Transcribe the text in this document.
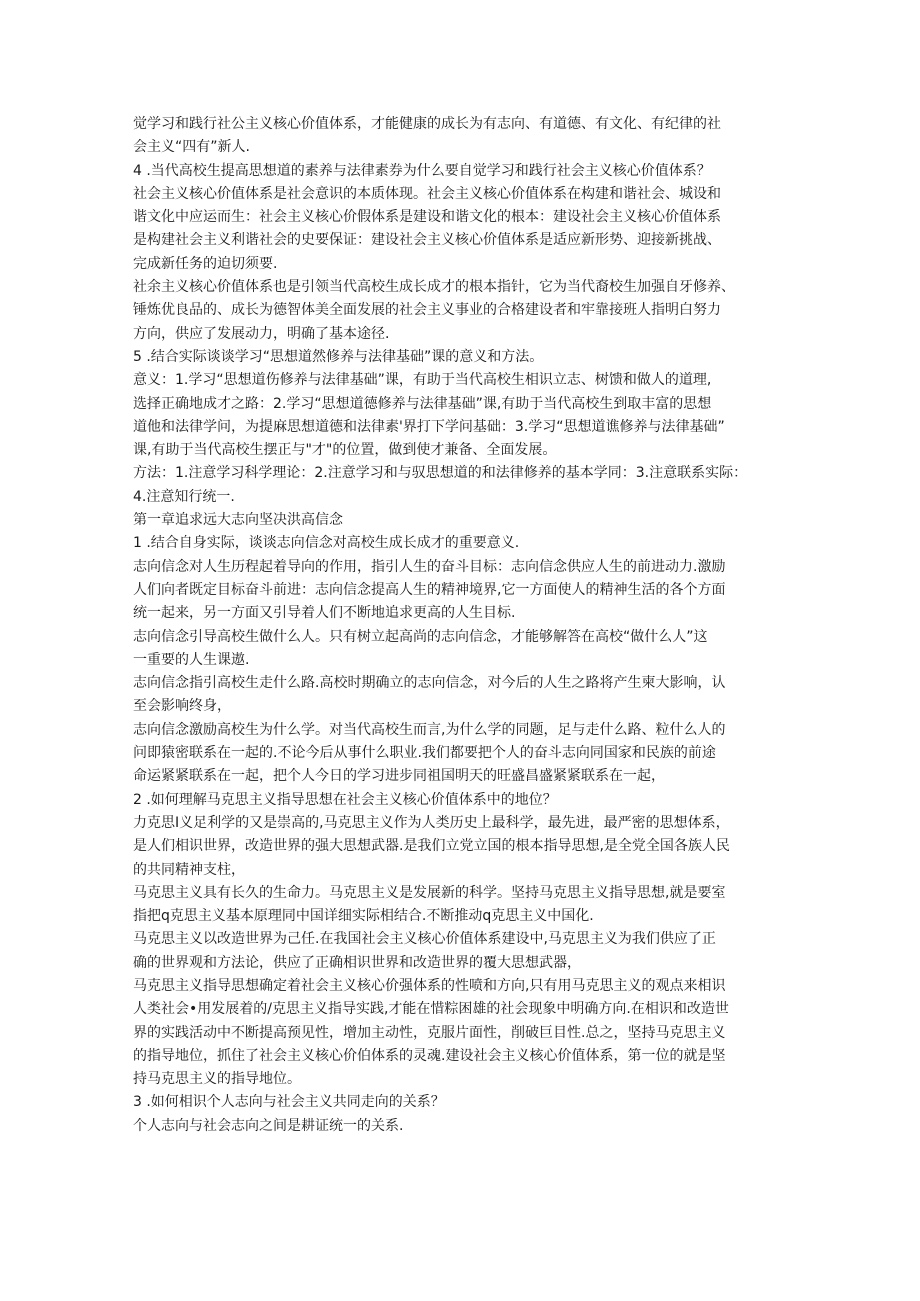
觉学习和践行社公主义核心价值体系，才能健康的成长为有志向、有道德、有文化、有纪律的社
会主义“四有”新人.
4 .当代高校生提高思想道的素养与法律素券为什么要自觉学习和践行社会主义核心价值体系？
社会主义核心价值体系是社会意识的本质体现。社会主义核心价值体系在构建和谐社会、城设和
谐文化中应运而生：社会主义核心价假体系是建设和谐文化的根本：建设社会主义核心价值体系
是构建社会主义利谐社会的史要保证：建设社会主义核心价值体系是适应新形势、迎接新挑战、
完成新任务的迫切须要.
社余主义核心价值体系也是引领当代高校生成长成才的根本指针，它为当代裔校生加强自牙修养、
锤炼优良品的、成长为德智体美全面发展的社会主义事业的合格建设者和牢靠接班人指明白努力
方向，供应了发展动力，明确了基本途径.
5 .结合实际谈谈学习“思想道然修养与法律基础”课的意义和方法。
意义：1.学习“思想道伤修养与法律基础”课，有助于当代高校生相识立志、树馈和做人的道理,
选择正确地成才之路：2.学习“思想道德修养与法律基础”课,有助于当代高校生到取丰富的思想
道他和法律学问，为提麻思想道德和法律素'界打下学问基础：3.学习“思想道谯修养与法律基础”
课,有助于当代高校生摆正与"才"的位置，做到使才兼备、全面发展。
方法：1.注意学习科学理论：2.注意学习和与驭思想道的和法律修养的基本学同：3.注意联系实际：
4.注意知行统一.
第一章追求远大志向坚决洪高信念
1 .结合自身实际，谈谈志向信念对高校生成长成才的重要意义.
志向信念对人生历程起着导向的作用，指引人生的奋斗目标：志向信念供应人生的前进动力.激励
人们向者既定目标奋斗前进：志向信念提高人生的精神境界,它一方面使人的精神生活的各个方面
统一起来，另一方面又引导着人们不断地追求更高的人生目标.
志向信念引导高校生做什么人。只有树立起高尚的志向信念，才能够解答在高校“做什么人”这
一重要的人生课遨.
志向信念指引高校生走什么路.高校时期确立的志向信念，对今后的人生之路将产生柬大影响，认
至会影响终身，
志向信念激励高校生为什么学。对当代高校生而言,为什么学的同题，足与走什么路、粒什么人的
问即猿密联系在一起的.不论今后从事什么职业.我们都要把个人的奋斗志向同国家和民族的前途
命运紧紧联系在一起，把个人今日的学习进步同祖国明天的旺盛昌盛紧紧联系在一起，
2 .如何理解马克思主义指导思想在社会主义核心价值体系中的地位？
力克思I义足利学的又是崇高的,马克思主义作为人类历史上最科学，最先进，最严密的思想体系，
是人们相识世界，改造世界的强大思想武器.是我们立党立国的根本指导思想,是全党全国各族人民
的共同精神支柱，
马克思主义具有长久的生命力。马克思主义是发展新的科学。坚持马克思主义指导思想,就是要室
指把q克思主义基本原理同中国详细实际相结合.不断推动q克思主义中国化.
马克思主义以改造世界为己任.在我国社会主义核心价值体系建设中,马克思主义为我们供应了正
确的世界观和方法论，供应了正确相识世界和改造世界的覆大思想武器，
马克思主义指导思想确定着社会主义核心价强体系的性喷和方向,只有用马克思主义的观点来相识
人类社会•用发展着的/克思主义指导实践,才能在惜粽困雄的社会现象中明确方向.在相识和改造世
界的实践活动中不断提高预见性，增加主动性，克服片面性，削破巨目性.总之，坚持马克思主义
的指导地位，抓住了社会主义核心价伯体系的灵魂.建设社会主义核心价值体系，第一位的就是坚
持马克思主义的指导地位。
3 .如何相识个人志向与社会主义共同走向的关系？
个人志向与社会志向之间是耕证统一的关系.
